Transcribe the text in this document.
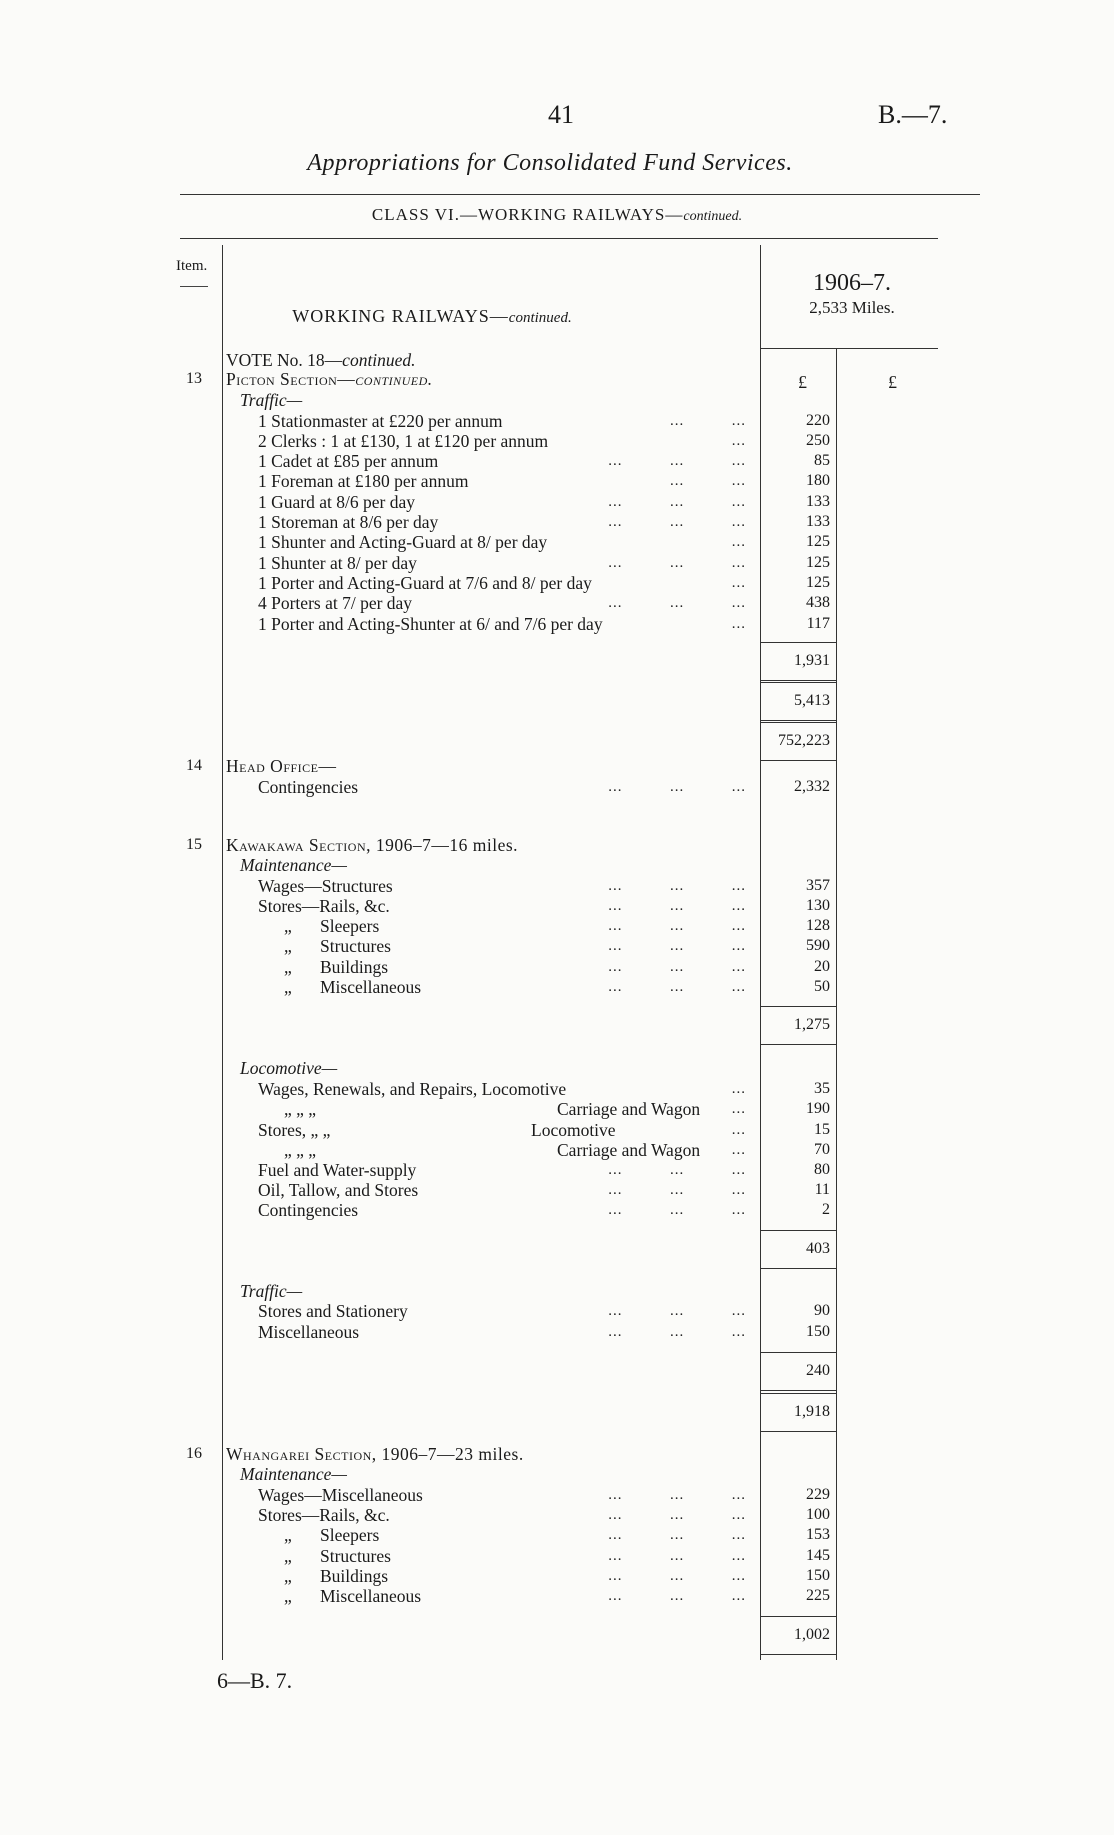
41	B.—7.
Appropriations for Consolidated Fund Services.
CLASS VI.—WORKING RAILWAYS—continued.
Item.
WORKING RAILWAYS—continued.
1906–7.
2,533 Miles.
£	£
VOTE No. 18—continued.
13 Picton Section—continued.
Traffic—
1 Stationmaster at £220 per annum	...          ...	220
2 Clerks : 1 at £130, 1 at £120 per annum	...	250
1 Cadet at £85 per annum	...          ...          ...	85
1 Foreman at £180 per annum	...          ...	180
1 Guard at 8/6 per day	...          ...          ...	133
1 Storeman at 8/6 per day	...          ...          ...	133
1 Shunter and Acting-Guard at 8/ per day	...	125
1 Shunter at 8/ per day	...          ...          ...	125
1 Porter and Acting-Guard at 7/6 and 8/ per day	...	125
4 Porters at 7/ per day	...          ...          ...	438
1 Porter and Acting-Shunter at 6/ and 7/6 per day	...	117
1,931
5,413
752,223
14 Head Office—
Contingencies	...          ...          ...	2,332
15 Kawakawa Section, 1906–7—16 miles.
Maintenance—
Wages—Structures	...          ...          ...	357
Stores—Rails, &c.	...          ...          ...	130
„ Sleepers	...          ...          ...	128
„ Structures	...          ...          ...	590
„ Buildings	...          ...          ...	20
„ Miscellaneous	...          ...          ...	50
1,275
Locomotive—
Wages, Renewals, and Repairs, Locomotive	...	35
„ „ „	Carriage and Wagon	...	190
Stores, „ „	Locomotive	...	15
„ „ „	Carriage and Wagon	...	70
Fuel and Water-supply	...          ...          ...	80
Oil, Tallow, and Stores	...          ...          ...	11
Contingencies	...          ...          ...	2
403
Traffic—
Stores and Stationery	...          ...          ...	90
Miscellaneous	...          ...          ...	150
240
1,918
16 Whangarei Section, 1906–7—23 miles.
Maintenance—
Wages—Miscellaneous	...          ...          ...	229
Stores—Rails, &c.	...          ...          ...	100
„ Sleepers	...          ...          ...	153
„ Structures	...          ...          ...	145
„ Buildings	...          ...          ...	150
„ Miscellaneous	...          ...          ...	225
1,002
6—B. 7.
